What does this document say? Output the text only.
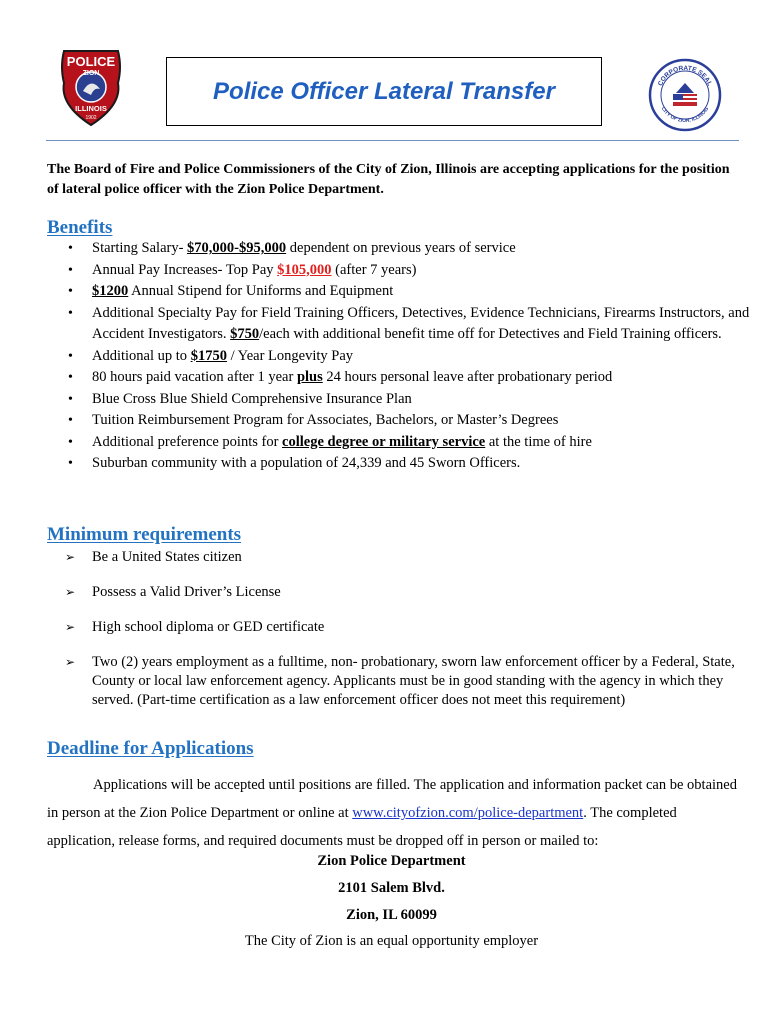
POLICE
ZION
ILLINOIS
1902
Police Officer Lateral Transfer	CORPORATE SEAL
CITY OF ZION, ILLINOIS
The Board of Fire and Police Commissioners of the City of Zion, Illinois are accepting applications for the position of lateral police officer with the Zion Police Department.
Benefits
• Starting Salary- $70,000-$95,000 dependent on previous years of service
• Annual Pay Increases- Top Pay $105,000 (after 7 years)
• $1200 Annual Stipend for Uniforms and Equipment
• Additional Specialty Pay for Field Training Officers, Detectives, Evidence Technicians, Firearms Instructors, and Accident Investigators. $750/each with additional benefit time off for Detectives and Field Training officers.
• Additional up to $1750 / Year Longevity Pay
• 80 hours paid vacation after 1 year plus 24 hours personal leave after probationary period
• Blue Cross Blue Shield Comprehensive Insurance Plan
• Tuition Reimbursement Program for Associates, Bachelors, or Master’s Degrees
• Additional preference points for college degree or military service at the time of hire
• Suburban community with a population of 24,339 and 45 Sworn Officers.
Minimum requirements
➢ Be a United States citizen
➢ Possess a Valid Driver’s License
➢ High school diploma or GED certificate
➢ Two (2) years employment as a fulltime, non- probationary, sworn law enforcement officer by a Federal, State, County or local law enforcement agency. Applicants must be in good standing with the agency in which they served. (Part-time certification as a law enforcement officer does not meet this requirement)
Deadline for Applications
Applications will be accepted until positions are filled. The application and information packet can be obtained in person at the Zion Police Department or online at www.cityofzion.com/police-department. The completed application, release forms, and required documents must be dropped off in person or mailed to:
Zion Police Department
2101 Salem Blvd.
Zion, IL 60099
The City of Zion is an equal opportunity employer
